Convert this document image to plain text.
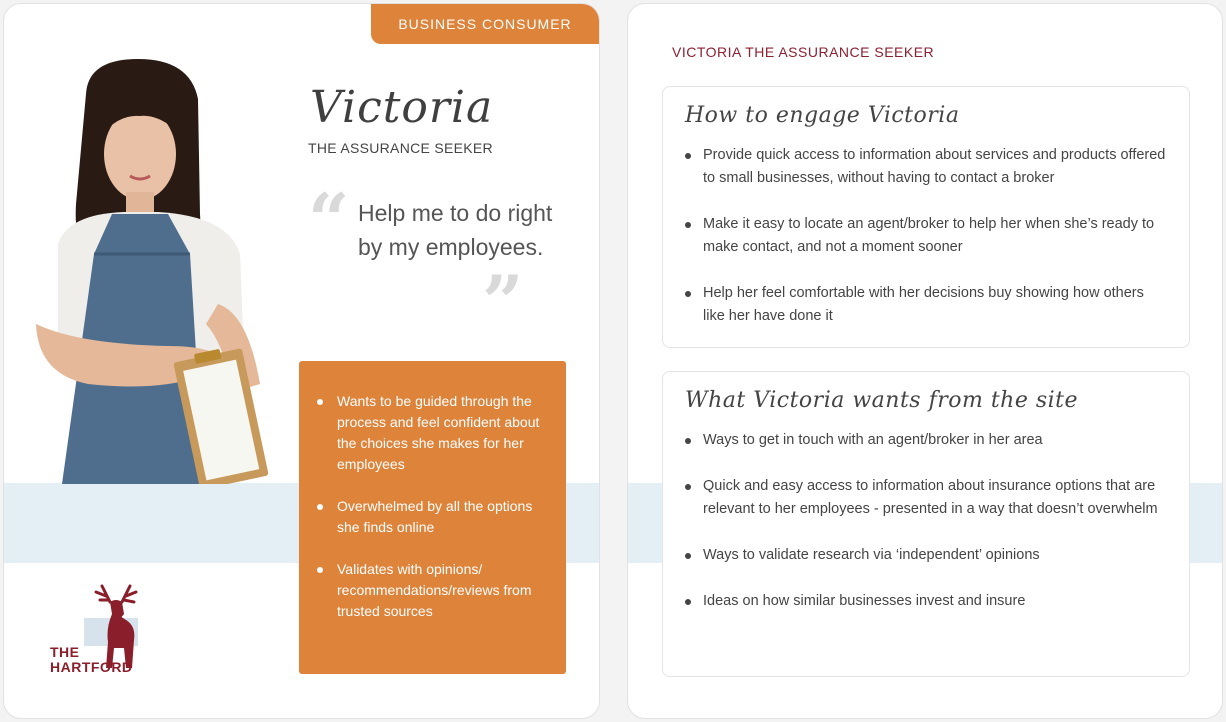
BUSINESS CONSUMER
Victoria
THE ASSURANCE SEEKER
“ Help me to do right by my employees.
”
Wants to be guided through the process and feel confident about the choices she makes for her employees
Overwhelmed by all the options she finds online
Validates with opinions/ recommendations/reviews from trusted sources
THE
HARTFORD
VICTORIA THE ASSURANCE SEEKER
How to engage Victoria
Provide quick access to information about services and products offered to small businesses, without having to contact a broker
Make it easy to locate an agent/broker to help her when she’s ready to make contact, and not a moment sooner
Help her feel comfortable with her decisions buy showing how others like her have done it
What Victoria wants from the site
Ways to get in touch with an agent/broker in her area
Quick and easy access to information about insurance options that are relevant to her employees - presented in a way that doesn’t overwhelm
Ways to validate research via ‘independent’ opinions
Ideas on how similar businesses invest and insure
